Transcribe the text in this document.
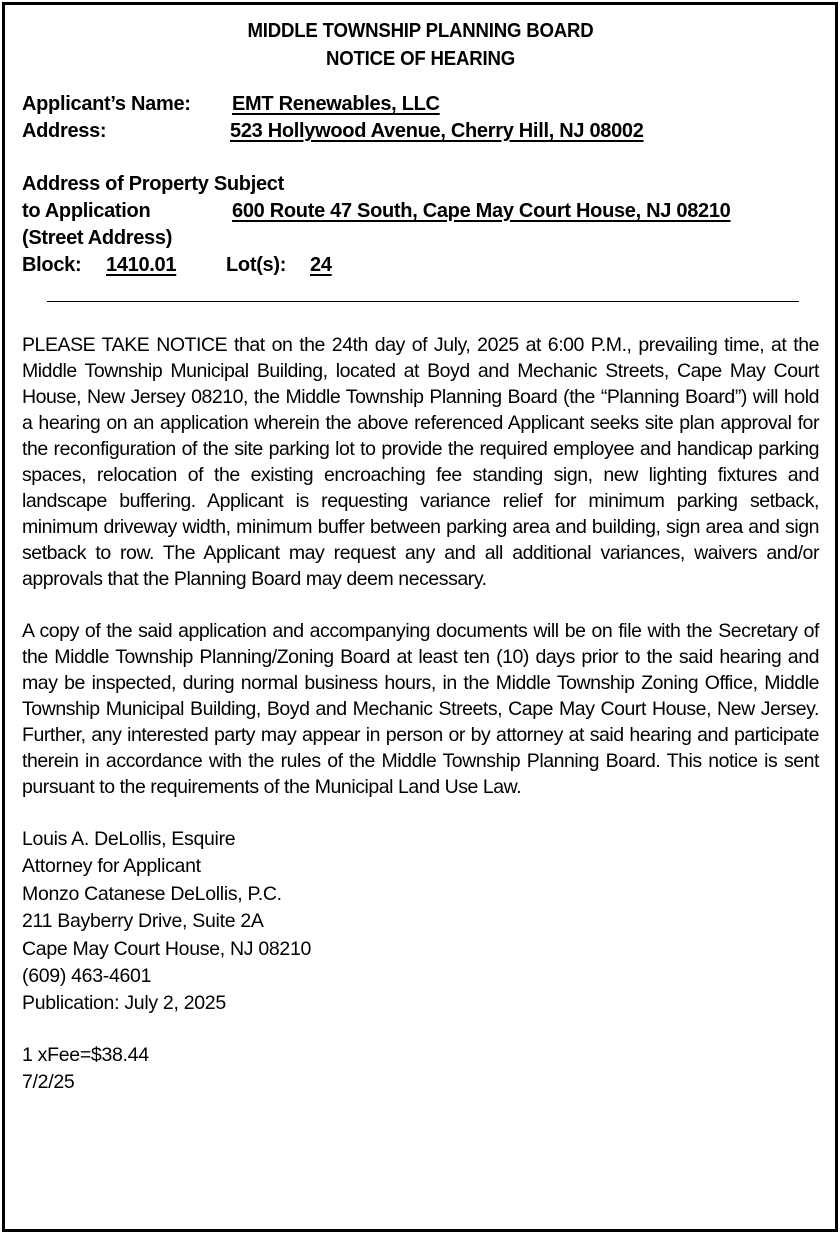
MIDDLE TOWNSHIP PLANNING BOARD
NOTICE OF HEARING
Applicant’s Name:	EMT Renewables, LLC
Address:	523 Hollywood Avenue, Cherry Hill, NJ 08002
Address of Property Subject
to Application	600 Route 47 South, Cape May Court House, NJ 08210
(Street Address)
Block:	1410.01	Lot(s):	24

PLEASE TAKE NOTICE that on the 24th day of July, 2025 at 6:00 P.M., prevailing time, at the Middle Township Municipal Building, located at Boyd and Mechanic Streets, Cape May Court House, New Jersey 08210, the Middle Township Planning Board (the “Planning Board”) will hold a hearing on an application wherein the above referenced Applicant seeks site plan approval for the reconfiguration of the site parking lot to provide the required employee and handicap parking spaces, relocation of the existing encroaching fee standing sign, new lighting fixtures and landscape buffering. Applicant is requesting variance relief for minimum parking setback, minimum driveway width, minimum buffer between parking area and building, sign area and sign setback to row. The Applicant may request any and all additional variances, waivers and/or approvals that the Planning Board may deem necessary.

A copy of the said application and accompanying documents will be on file with the Secretary of the Middle Township Planning/Zoning Board at least ten (10) days prior to the said hearing and may be inspected, during normal business hours, in the Middle Township Zoning Office, Middle Township Municipal Building, Boyd and Mechanic Streets, Cape May Court House, New Jersey. Further, any interested party may appear in person or by attorney at said hearing and participate therein in accordance with the rules of the Middle Township Planning Board. This notice is sent pursuant to the requirements of the Municipal Land Use Law.

Louis A. DeLollis, Esquire
Attorney for Applicant
Monzo Catanese DeLollis, P.C.
211 Bayberry Drive, Suite 2A
Cape May Court House, NJ 08210
(609) 463-4601
Publication: July 2, 2025
1 xFee=$38.44
7/2/25
